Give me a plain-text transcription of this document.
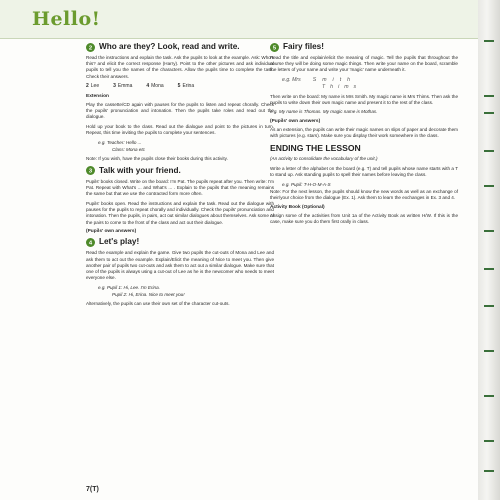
Hello!
2 Who are they? Look, read and write.

Read the instructions and explain the task. Ask the pupils to look at the example. Ask: Who's this? and elicit the correct response (Harry). Point to the other pictures and ask individual pupils to tell you the names of the characters. Allow the pupils time to complete the task. Check their answers.

2 Lee	3 Emma	4 Mona	5 Erina
Extension

Play the cassette/CD again with pauses for the pupils to listen and repeat chorally. Check the pupils' pronunciation and intonation. Then the pupils take roles and read out the dialogue.

Hold up your book to the class. Read out the dialogue and point to the pictures in turn. Repeat, this time inviting the pupils to complete your sentences.

e.g. Teacher: Hello ...
Class: Mona etc

Note: If you wish, have the pupils close their books during this activity.

3 Talk with your friend.

Pupils' books closed. Write on the board: I'm Pat. The pupils repeat after you. Then write: I'm Pat. Repeat with What's ... and What's ... . Explain to the pupils that the meaning remains the same but that we use the contracted form more often.

Pupils' books open. Read the instructions and explain the task. Read out the dialogue with pauses for the pupils to repeat chorally and individually. Check the pupils' pronunciation and intonation. Then the pupils, in pairs, act out similar dialogues about themselves. Ask some of the pairs to come to the front of the class and act out their dialogue.

(Pupils' own answers)
4 Let's play!

Read the example and explain the game. Give two pupils the cut-outs of Mona and Lee and ask them to act out the example. Explain/Elicit the meaning of Nice to meet you. Then give another pair of pupils two cut-outs and ask them to act out a similar dialogue. Make sure that one of the pupils is always using a cut-out of Lee as he is the newcomer who needs to meet everyone else.

e.g. Pupil 1: Hi, Lee. I'm Erina.
Pupil 2: Hi, Erina. Nice to meet you!

Alternatively, the pupils can use their own set of the character cut-outs.

5 Fairy files!

Read the title and explain/elicit the meaning of magic. Tell the pupils that throughout the course they will be doing some magic things. Then write your name on the board, scramble the letters of your name and write your 'magic' name underneath it.

e.g. Mrs S m i t h
T h i m s

Then write on the board: My name is Mrs Smith. My magic name is Mrs Thims. Then ask the pupils to write down their own magic name and present it to the rest of the class.

e.g. My name is Thomas. My magic name is Mothas.
(Pupils' own answers)

As an extension, the pupils can write their magic names on slips of paper and decorate them with pictures (e.g. stars). Make sure you display their work somewhere in the class.

ENDING THE LESSON

(An activity to consolidate the vocabulary of the unit.)

Write a letter of the alphabet on the board (e.g. T) and tell pupils whose name starts with a T to stand up. Ask standing pupils to spell their names before leaving the class.

e.g. Pupil: T-H-O-M-A-S

Note: For the next lesson, the pupils should know the new words as well as an exchange of their/your choice from the dialogue (Ex. 1). Ask them to learn the exchanges in Ex. 3 and 4.

Activity Book (Optional)

Assign some of the activities from Unit 1a of the Activity Book as written H/W. If this is the case, make sure you do them first orally in class.

7(T)
